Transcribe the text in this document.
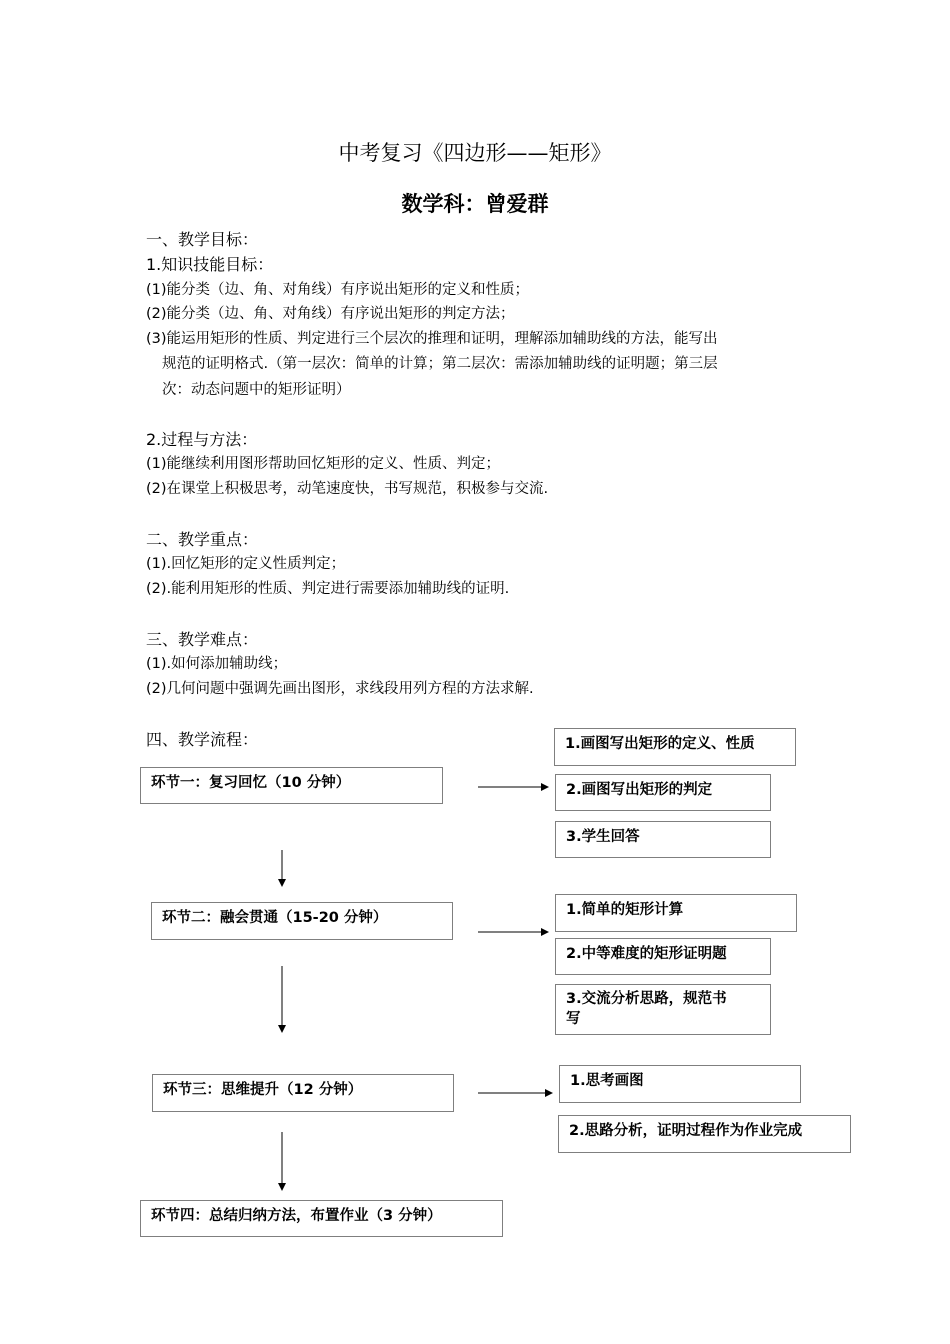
中考复习《四边形——矩形》
数学科：曾爱群
一、教学目标：
1.知识技能目标：
(1)能分类（边、角、对角线）有序说出矩形的定义和性质；
(2)能分类（边、角、对角线）有序说出矩形的判定方法；
(3)能运用矩形的性质、判定进行三个层次的推理和证明，理解添加辅助线的方法，能写出
规范的证明格式.（第一层次：简单的计算；第二层次：需添加辅助线的证明题；第三层
次：动态问题中的矩形证明）
2.过程与方法：
(1)能继续利用图形帮助回忆矩形的定义、性质、判定；
(2)在课堂上积极思考，动笔速度快，书写规范，积极参与交流.
二、教学重点：
(1).回忆矩形的定义性质判定；
(2).能利用矩形的性质、判定进行需要添加辅助线的证明.
三、教学难点：
(1).如何添加辅助线；
(2)几何问题中强调先画出图形，求线段用列方程的方法求解.
四、教学流程：
环节一：复习回忆（10 分钟）
环节二：融会贯通（15-20 分钟）
环节三：思维提升（12 分钟）
环节四：总结归纳方法，布置作业（3 分钟）
1.画图写出矩形的定义、性质
2.画图写出矩形的判定
3.学生回答
1.简单的矩形计算
2.中等难度的矩形证明题
3.交流分析思路，规范书
写
1.思考画图
2.思路分析，证明过程作为作业完成
